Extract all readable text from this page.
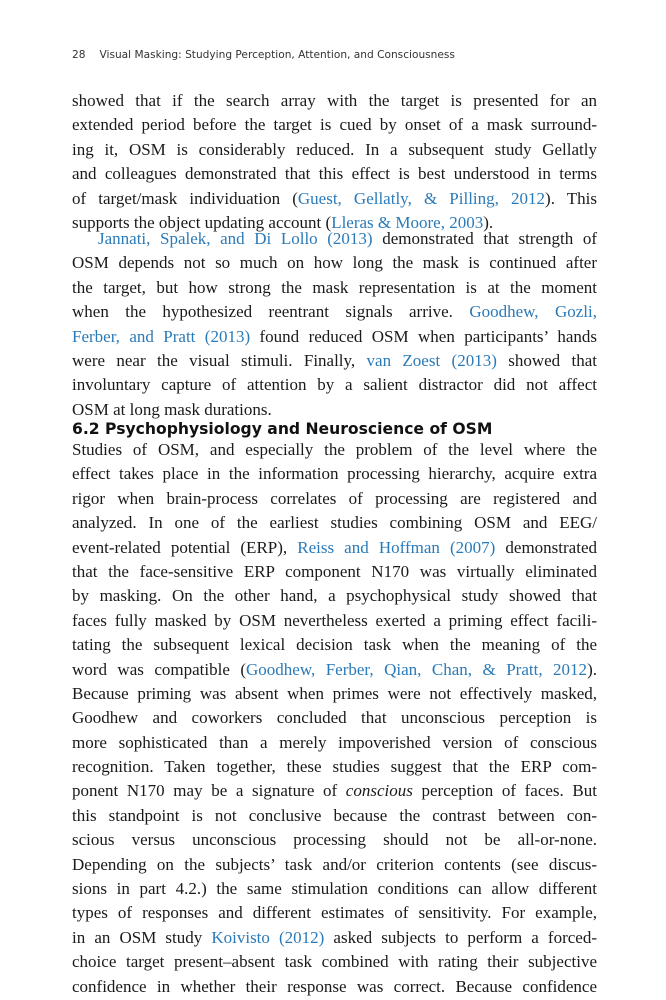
28 Visual Masking: Studying Perception, Attention, and Consciousness
showed that if the search array with the target is presented for an
extended period before the target is cued by onset of a mask surround-
ing it, OSM is considerably reduced. In a subsequent study Gellatly
and colleagues demonstrated that this effect is best understood in terms
of target/mask individuation (Guest, Gellatly, & Pilling, 2012). This
supports the object updating account (Lleras & Moore, 2003).
Jannati, Spalek, and Di Lollo (2013) demonstrated that strength of
OSM depends not so much on how long the mask is continued after
the target, but how strong the mask representation is at the moment
when the hypothesized reentrant signals arrive. Goodhew, Gozli,
Ferber, and Pratt (2013) found reduced OSM when participants’ hands
were near the visual stimuli. Finally, van Zoest (2013) showed that
involuntary capture of attention by a salient distractor did not affect
OSM at long mask durations.
6.2 Psychophysiology and Neuroscience of OSM
Studies of OSM, and especially the problem of the level where the
effect takes place in the information processing hierarchy, acquire extra
rigor when brain-process correlates of processing are registered and
analyzed. In one of the earliest studies combining OSM and EEG/
event-related potential (ERP), Reiss and Hoffman (2007) demonstrated
that the face-sensitive ERP component N170 was virtually eliminated
by masking. On the other hand, a psychophysical study showed that
faces fully masked by OSM nevertheless exerted a priming effect facili-
tating the subsequent lexical decision task when the meaning of the
word was compatible (Goodhew, Ferber, Qian, Chan, & Pratt, 2012).
Because priming was absent when primes were not effectively masked,
Goodhew and coworkers concluded that unconscious perception is
more sophisticated than a merely impoverished version of conscious
recognition. Taken together, these studies suggest that the ERP com-
ponent N170 may be a signature of conscious perception of faces. But
this standpoint is not conclusive because the contrast between con-
scious versus unconscious processing should not be all-or-none.
Depending on the subjects’ task and/or criterion contents (see discus-
sions in part 4.2.) the same stimulation conditions can allow different
types of responses and different estimates of sensitivity. For example,
in an OSM study Koivisto (2012) asked subjects to perform a forced-
choice target present–absent task combined with rating their subjective
confidence in whether their response was correct. Because confidence
